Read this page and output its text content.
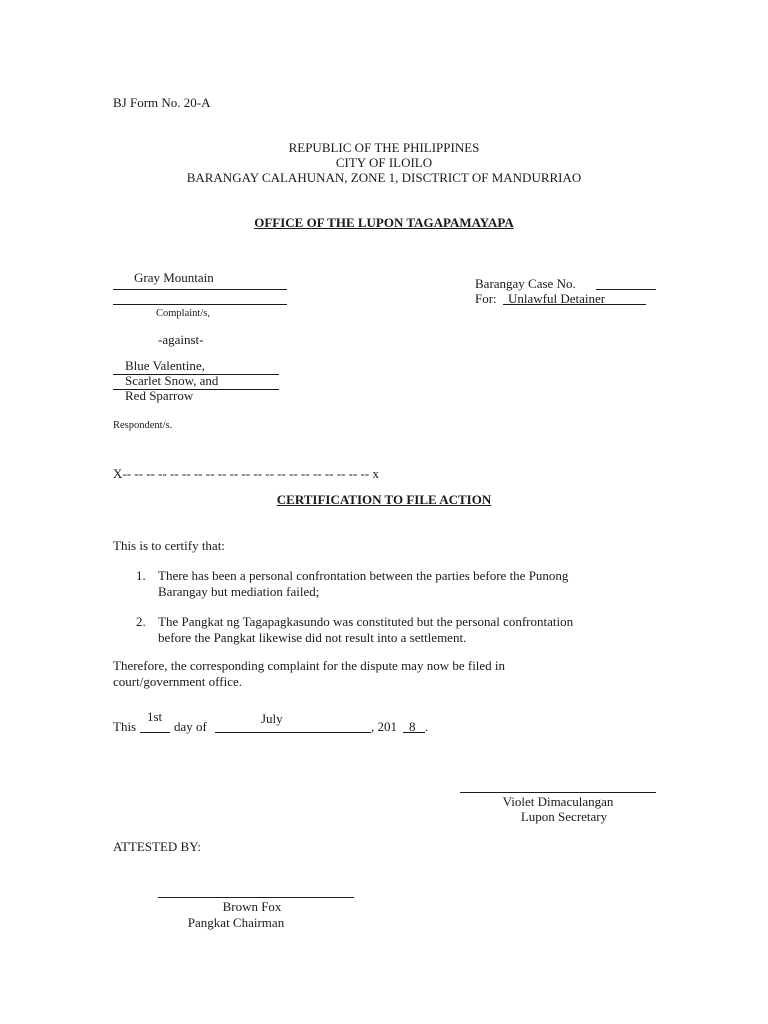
BJ Form No. 20-A
REPUBLIC OF THE PHILIPPINES
CITY OF ILOILO
BARANGAY CALAHUNAN, ZONE 1, DISCTRICT OF MANDURRIAO
OFFICE OF THE LUPON TAGAPAMAYAPA
Gray Mountain
Complaint/s,
-against-
Blue Valentine,
Scarlet Snow, and
Red Sparrow
Respondent/s.
Barangay Case No.
For: Unlawful Detainer
X-- -- -- -- -- -- -- -- -- -- -- -- -- -- -- -- -- -- -- -- -- x
CERTIFICATION TO FILE ACTION
This is to certify that:
1. There has been a personal confrontation between the parties before the Punong
Barangay but mediation failed;
2. The Pangkat ng Tagapagkasundo was constituted but the personal confrontation
before the Pangkat likewise did not result into a settlement.
Therefore, the corresponding complaint for the dispute may now be filed in
court/government office.
1st	July
This	day of	, 201 8 .
Violet Dimaculangan
Lupon Secretary
ATTESTED BY:
Brown Fox
Pangkat Chairman
